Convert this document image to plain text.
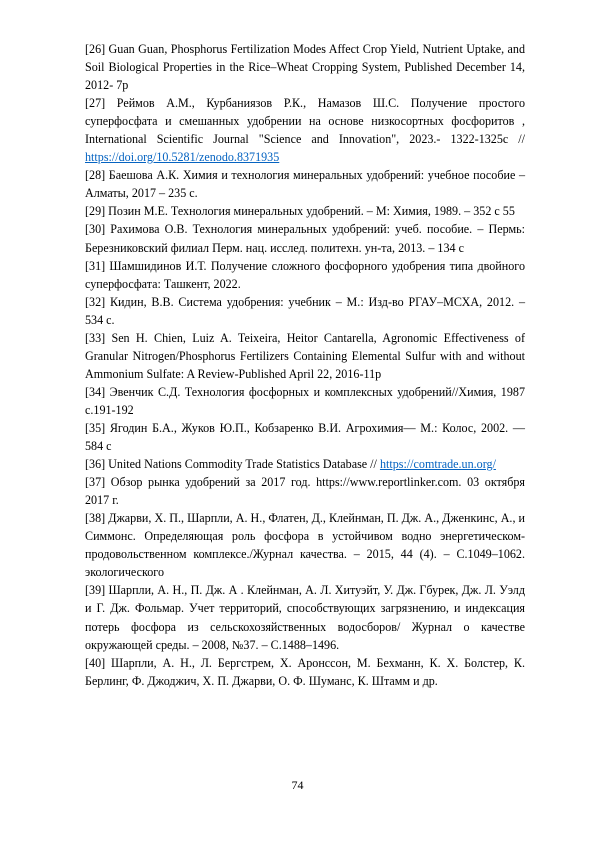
[26] Guan Guan, Phosphorus Fertilization Modes Affect Crop Yield, Nutrient Uptake, and Soil Biological Properties in the Rice–Wheat Cropping System, Published December 14, 2012- 7p

[27] Реймов А.М., Курбаниязов Р.К., Намазов Ш.С. Получение простого суперфосфата и смешанных удобрении на основе низкосортных фосфоритов , International Scientific Journal "Science and Innovation", 2023.- 1322-1325c // https://doi.org/10.5281/zenodo.8371935

[28] Баешова А.К. Химия и технология минеральных удобрений: учебное пособие – Алматы, 2017 – 235 с.

[29] Позин М.Е. Технология минеральных удобрений. – М: Химия, 1989. – 352 с 55

[30] Рахимова О.В. Технология минеральных удобрений: учеб. пособие. – Пермь: Березниковский филиал Перм. нац. исслед. политехн. ун-та, 2013. – 134 с

[31] Шамшидинов И.Т. Получение сложного фосфорного удобрения типа двойного суперфосфата: Ташкент, 2022.

[32] Кидин, В.В. Система удобрения: учебник – М.: Изд-во РГАУ–МСХА, 2012. – 534 с.

[33] Sen H. Chien, Luiz A. Teixeira, Heitor Cantarella, Agronomic Effectiveness of Granular Nitrogen/Phosphorus Fertilizers Containing Elemental Sulfur with and without Ammonium Sulfate: A Review-Published April 22, 2016-11p

[34] Эвенчик С.Д. Технология фосфорных и комплексных удобрений//Химия, 1987 с.191-192

[35] Ягодин Б.А., Жуков Ю.П., Кобзаренко В.И. Агрохимия— М.: Колос, 2002. — 584 с

[36] United Nations Commodity Trade Statistics Database // https://comtrade.un.org/

[37] Обзор рынка удобрений за 2017 год. https://www.reportlinker.com. 03 октября 2017 г.

[38] Джарви, Х. П., Шарпли, А. Н., Флатен, Д., Клейнман, П. Дж. А., Дженкинс, А., и Симмонс. Определяющая роль фосфора в устойчивом водно энергетическом-продовольственном комплексе./Журнал качества. – 2015, 44 (4). – С.1049–1062. экологического

[39] Шарпли, А. Н., П. Дж. А . Клейнман, А. Л. Хитуэйт, У. Дж. Гбурек, Дж. Л. Уэлд и Г. Дж. Фольмар. Учет территорий, способствующих загрязнению, и индексация потерь фосфора из сельскохозяйственных водосборов/ Журнал о качестве окружающей среды. – 2008, №37. – С.1488–1496.

[40] Шарпли, А. Н., Л. Бергстрем, Х. Аронссон, М. Бехманн, К. Х. Болстер, К. Берлинг, Ф. Джоджич, Х. П. Джарви, О. Ф. Шуманс, К. Штамм и др.

74
